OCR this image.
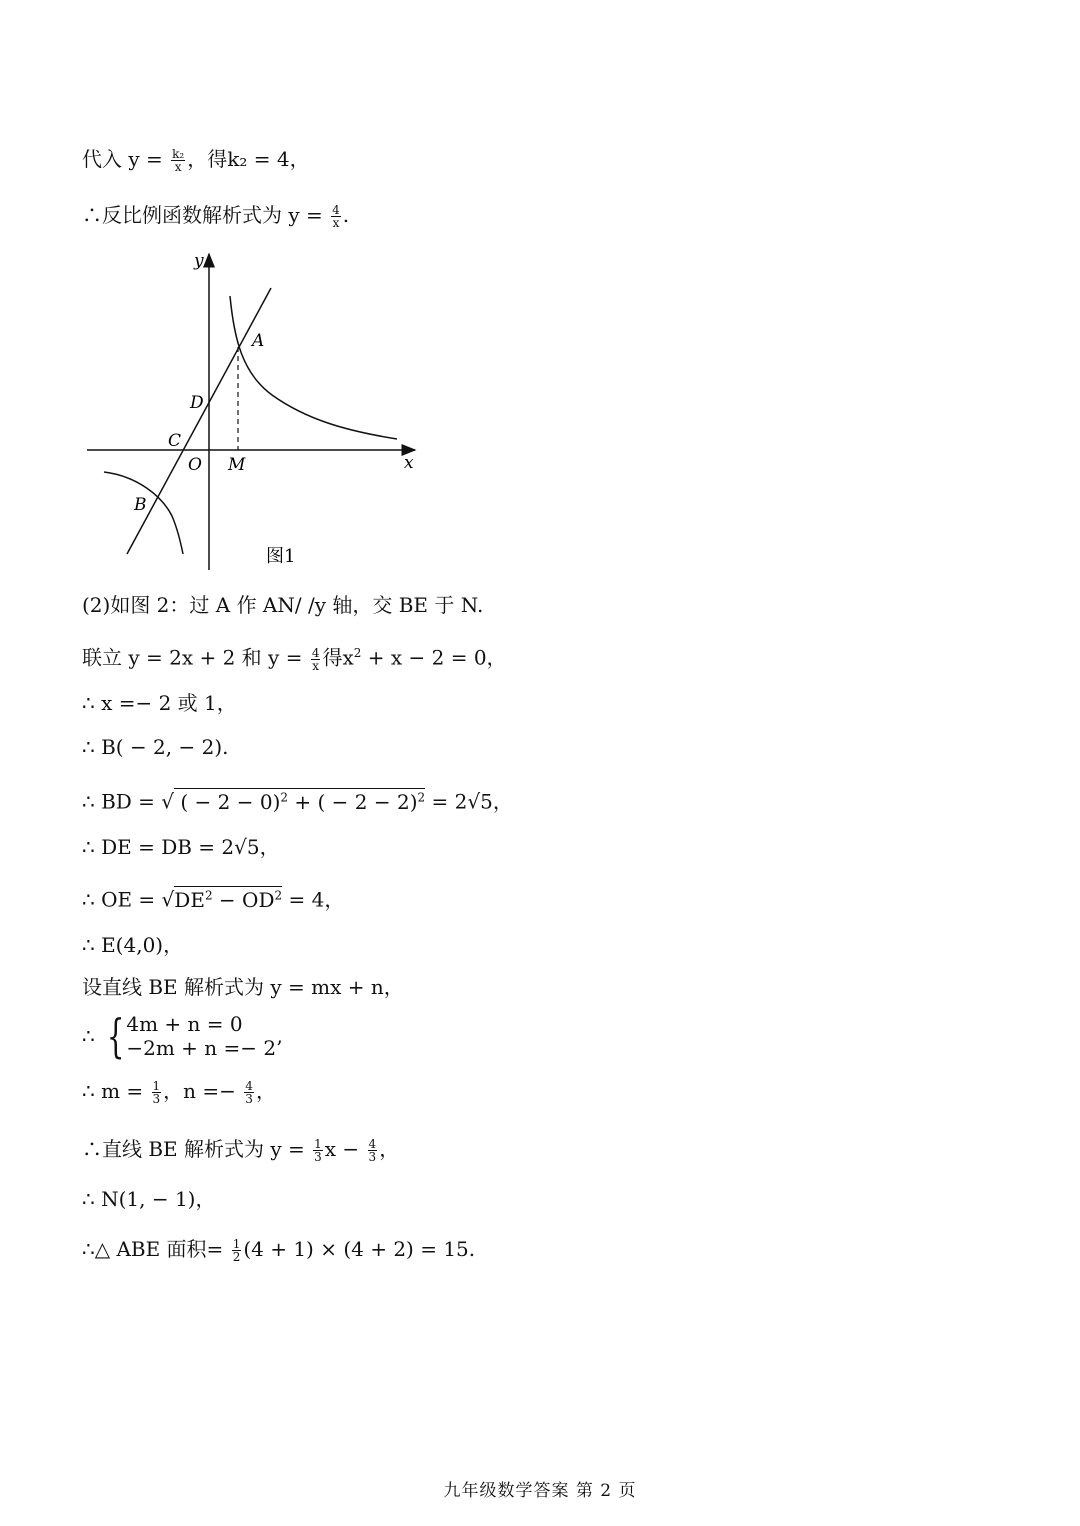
代入 $y = \frac{\text{k₂}}{x}$ ，得k₂ = 4，
∴反比例函数解析式为 $y = \frac{4}{x}$ .
y
x
A
D
C
O M
B
图1
(2)如图 2：过 A 作 AN/ /y 轴，交 BE 于 N.
联立 y = 2x + 2 和 $y = \frac{4}{x}$ 得$x^2 + x - 2 = 0$，
∴ x =− 2 或 1，
∴ B( − 2, − 2).
∴ BD = √ ( − 2 − 0)$^2$ + ( − 2 − 2)$^2$ = 2√5，
∴ DE = DB = 2√5，
∴ OE = $√DE^2 - OD^2 = 4$，
∴ E(4,0)，
设直线 BE 解析式为 y = mx + n，
∴ { 4m + n = 0
−2m + n =− 2’
∴ $m = \frac{1}{3}$ ，$n =- \frac{4}{3}$ ，
∴直线 BE 解析式为 $y = \frac{1}{3}$ $x - \frac{4}{3}$ ，
∴ N(1, − 1)，
∴△ ABE 面积= $\frac{1}{2} (4 + 1) \times (4 + 2) = 15$.
九年级数学答案 第 2 页
